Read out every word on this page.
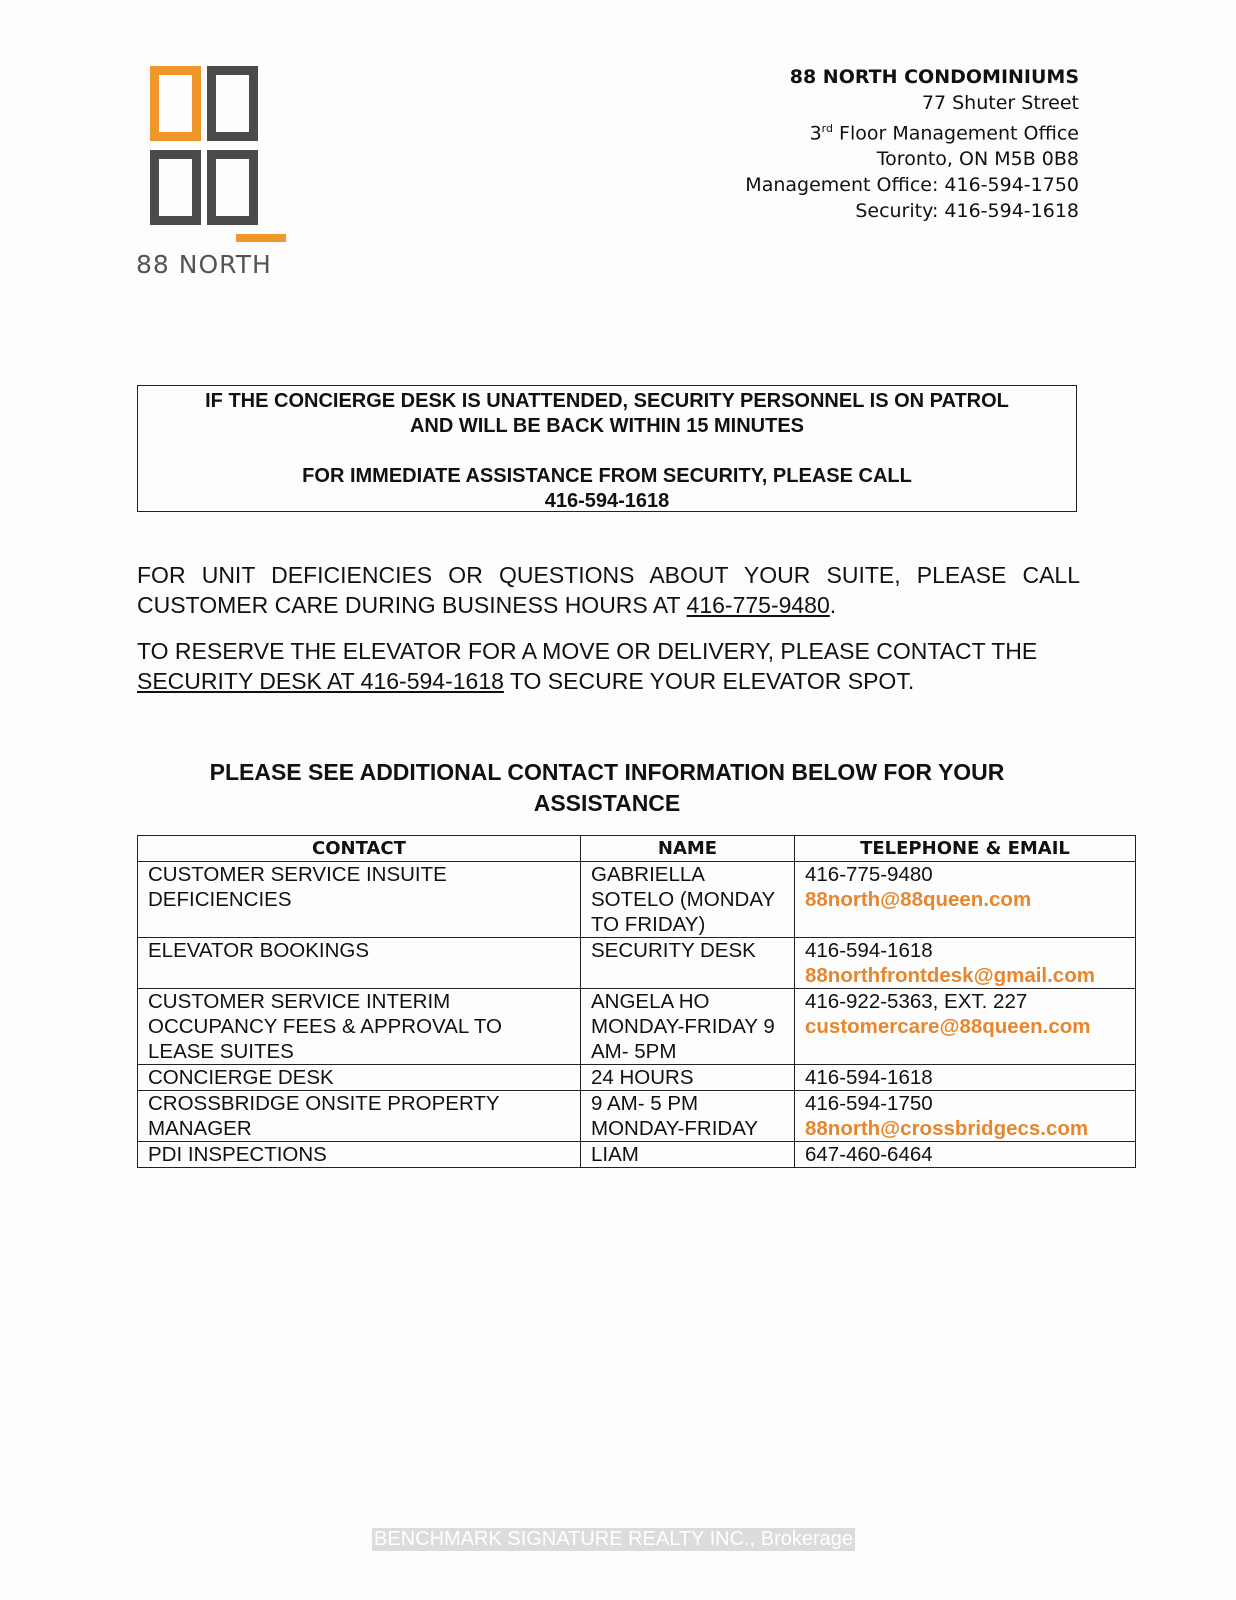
88 NORTH
88 NORTH CONDOMINIUMS
77 Shuter Street
3rd Floor Management Office
Toronto, ON M5B 0B8
Management Office: 416-594-1750
Security: 416-594-1618
IF THE CONCIERGE DESK IS UNATTENDED, SECURITY PERSONNEL IS ON PATROL
AND WILL BE BACK WITHIN 15 MINUTES
FOR IMMEDIATE ASSISTANCE FROM SECURITY, PLEASE CALL
416-594-1618
FOR UNIT DEFICIENCIES OR QUESTIONS ABOUT YOUR SUITE, PLEASE CALL CUSTOMER CARE DURING BUSINESS HOURS AT 416-775-9480.
TO RESERVE THE ELEVATOR FOR A MOVE OR DELIVERY, PLEASE CONTACT THE SECURITY DESK AT 416-594-1618 TO SECURE YOUR ELEVATOR SPOT.
PLEASE SEE ADDITIONAL CONTACT INFORMATION BELOW FOR YOUR ASSISTANCE
CONTACT	NAME	TELEPHONE & EMAIL
CUSTOMER SERVICE INSUITE DEFICIENCIES	GABRIELLA SOTELO (MONDAY TO FRIDAY)	416-775-9480
88north@88queen.com

ELEVATOR BOOKINGS	SECURITY DESK	416-594-1618
88northfrontdesk@gmail.com

CUSTOMER SERVICE INTERIM OCCUPANCY FEES & APPROVAL TO LEASE SUITES	ANGELA HO MONDAY-FRIDAY 9 AM- 5PM	416-922-5363, EXT. 227
customercare@88queen.com

CONCIERGE DESK	24 HOURS	416-594-1618

CROSSBRIDGE ONSITE PROPERTY MANAGER	9 AM- 5 PM MONDAY-FRIDAY	416-594-1750
88north@crossbridgecs.com

PDI INSPECTIONS	LIAM	647-460-6464
BENCHMARK SIGNATURE REALTY INC., Brokerage
